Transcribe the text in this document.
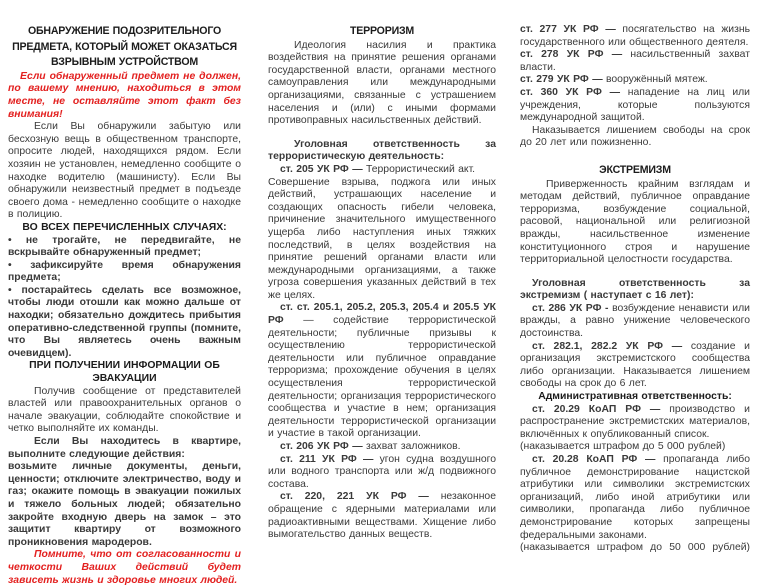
ОБНАРУЖЕНИЕ ПОДОЗРИТЕЛЬНОГО ПРЕДМЕТА, КОТОРЫЙ МОЖЕТ ОКАЗАТЬСЯ ВЗРЫВНЫМ УСТРОЙСТВОМ

Если обнаруженный предмет не должен, по вашему мнению, находиться в этом месте, не оставляйте этот факт без внимания!

Если Вы обнаружили забытую или бесхозную вещь в общественном транспорте, опросите людей, находящихся рядом. Если хозяин не установлен, немедленно сообщите о находке водителю (машинисту). Если Вы обнаружили неизвестный предмет в подъезде своего дома - немедленно сообщите о находке в полицию.

ВО ВСЕХ ПЕРЕЧИСЛЕННЫХ СЛУЧАЯХ:

• не трогайте, не передвигайте, не вскрывайте обнаруженный предмет;

• зафиксируйте время обнаружения предмета;

• постарайтесь сделать все возможное, чтобы люди отошли как можно дальше от находки; обязательно дождитесь прибытия оперативно-следственной группы (помните, что Вы являетесь очень важным очевидцем).

ПРИ ПОЛУЧЕНИИ ИНФОРМАЦИИ ОБ ЭВАКУАЦИИ

Получив сообщение от представителей властей или правоохранительных органов о начале эвакуации, соблюдайте спокойствие и четко выполняйте их команды.

Если Вы находитесь в квартире, выполните следующие действия:

возьмите личные документы, деньги, ценности; отключите электричество, воду и газ; окажите помощь в эвакуации пожилых и тяжело больных людей; обязательно закройте входную дверь на замок – это защитит квартиру от возможного проникновения мародеров.

Помните, что от согласованности и четкости Ваших действий будет зависеть жизнь и здоровье многих людей.

ТЕРРОРИЗМ

Идеология насилия и практика воздействия на принятие решения органами государственной власти, органами местного самоуправления или международными организациями, связанные с устрашением населения и (или) с иными формами противоправных насильственных действий.

Уголовная ответственность за террористическую деятельность:

ст. 205 УК РФ — Террористический акт.

Совершение взрыва, поджога или иных действий, устрашающих население и создающих опасность гибели человека, причинение значительного имущественного ущерба либо наступления иных тяжких последствий, в целях воздействия на принятие решений органами власти или международными организациями, а также угроза совершения указанных действий в тех же целях.

ст. ст. 205.1, 205.2, 205.3, 205.4 и 205.5 УК РФ — содействие террористической деятельности; публичные призывы к осуществлению террористической деятельности или публичное оправдание терроризма; прохождение обучения в целях осуществления террористической деятельности; организация террористического сообщества и участие в нем; организация деятельности террористической организации и участие в такой организации.

ст. 206 УК РФ — захват заложников.

ст. 211 УК РФ — угон судна воздушного или водного транспорта или ж/д подвижного состава.

ст. 220, 221 УК РФ — незаконное обращение с ядерными материалами или радиоактивными веществами. Хищение либо вымогательство данных веществ.

ст. 277 УК РФ — посягательство на жизнь государственного или общественного деятеля.

ст. 278 УК РФ — насильственный захват власти.

ст. 279 УК РФ — вооружённый мятеж.

ст. 360 УК РФ — нападение на лиц или учреждения, которые пользуются международной защитой.

Наказывается лишением свободы на срок до 20 лет или пожизненно.

ЭКСТРЕМИЗМ

Приверженность крайним взглядам и методам действий, публичное оправдание терроризма, возбуждение социальной, расовой, национальной или религиозной вражды, насильственное изменение конституционного строя и нарушение территориальной целостности государства.

Уголовная ответственность за экстремизм ( наступает с 16 лет):

ст. 286 УК РФ - возбуждение ненависти или вражды, а равно унижение человеческого достоинства.

ст. 282.1, 282.2 УК РФ — создание и организация экстремистского сообщества либо организации. Наказывается лишением свободы на срок до 6 лет.

Административная ответственность:

ст. 20.29 КоАП РФ — производство и распространение экстремистских материалов, включённых к опубликованный список.

(наказывается штрафом до 5 000 рублей)

ст. 20.28 КоАП РФ — пропаганда либо публичное демонстрирование нацистской атрибутики или символики экстремистских организаций, либо иной атрибутики или символики, пропаганда либо публичное демонстрирование которых запрещены федеральными законами.

(наказывается штрафом до 50 000 рублей)
